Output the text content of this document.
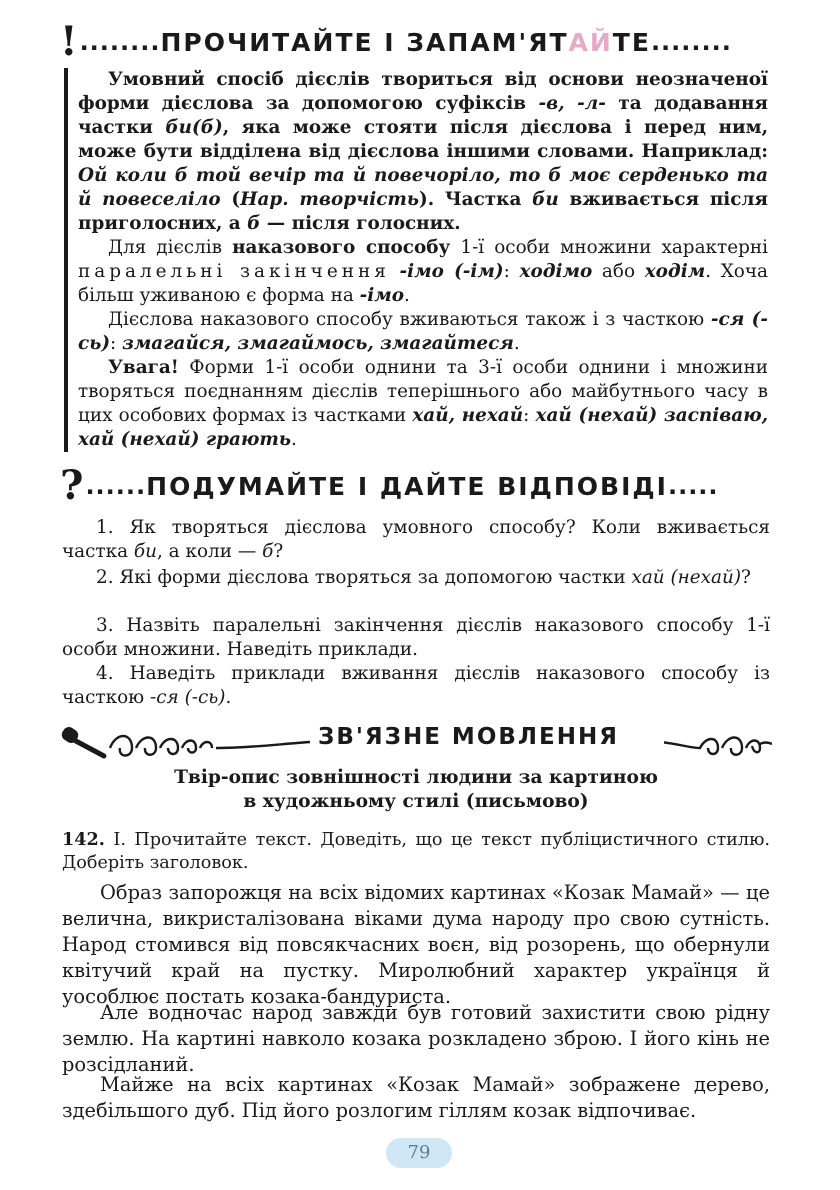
! ........ ПРОЧИТАЙТЕ І ЗАПАМ'ЯТАЙТЕ ........

Умовний спосіб дієслів твориться від основи неозначеної форми дієслова за допомогою суфіксів -в, -л- та додавання частки би(б), яка може стояти після дієслова і перед ним, може бути відділена від дієслова іншими словами. Наприклад: Ой коли б той вечір та й повечоріло, то б моє серденько та й повеселіло (Нар. творчість). Частка би вживається після приголосних, а б — після голосних.

Для дієслів наказового способу 1-ї особи множини характерні паралельні закінчення -імо (-ім): ходімо або ходім. Хоча більш уживаною є форма на -імо.

Дієслова наказового способу вживаються також і з часткою -ся (-сь): змагайся, змагаймось, змагайтеся.

Увага! Форми 1-ї особи однини та 3-ї особи однини і множини творяться поєднанням дієслів теперішнього або майбутнього часу в цих особових формах із частками хай, нехай: хай (нехай) заспіваю, хай (нехай) грають.

? ...... ПОДУМАЙТЕ І ДАЙТЕ ВІДПОВІДІ .....

1. Як творяться дієслова умовного способу? Коли вживається частка би, а коли — б?

2. Які форми дієслова творяться за допомогою частки хай (нехай)?

3. Назвіть паралельні закінчення дієслів наказового способу 1-ї особи множини. Наведіть приклади.

4. Наведіть приклади вживання дієслів наказового способу із часткою -ся (-сь).

ЗВ'ЯЗНЕ МОВЛЕННЯ
Твір-опис зовнішності людини за картиною
в художньому стилі (письмово)

142. І. Прочитайте текст. Доведіть, що це текст публіцистичного стилю. Доберіть заголовок.

Образ запорожця на всіх відомих картинах «Козак Мамай» — це велична, викристалізована віками дума народу про свою сутність. Народ стомився від повсякчасних воєн, від розорень, що обернули квітучий край на пустку. Миролюбний характер українця й уособлює постать козака-бандуриста.

Але водночас народ завжди був готовий захистити свою рідну землю. На картині навколо козака розкладено зброю. І його кінь не розсідланий.

Майже на всіх картинах «Козак Мамай» зображене дерево, здебільшого дуб. Під його розлогим гіллям козак відпочиває.

79
